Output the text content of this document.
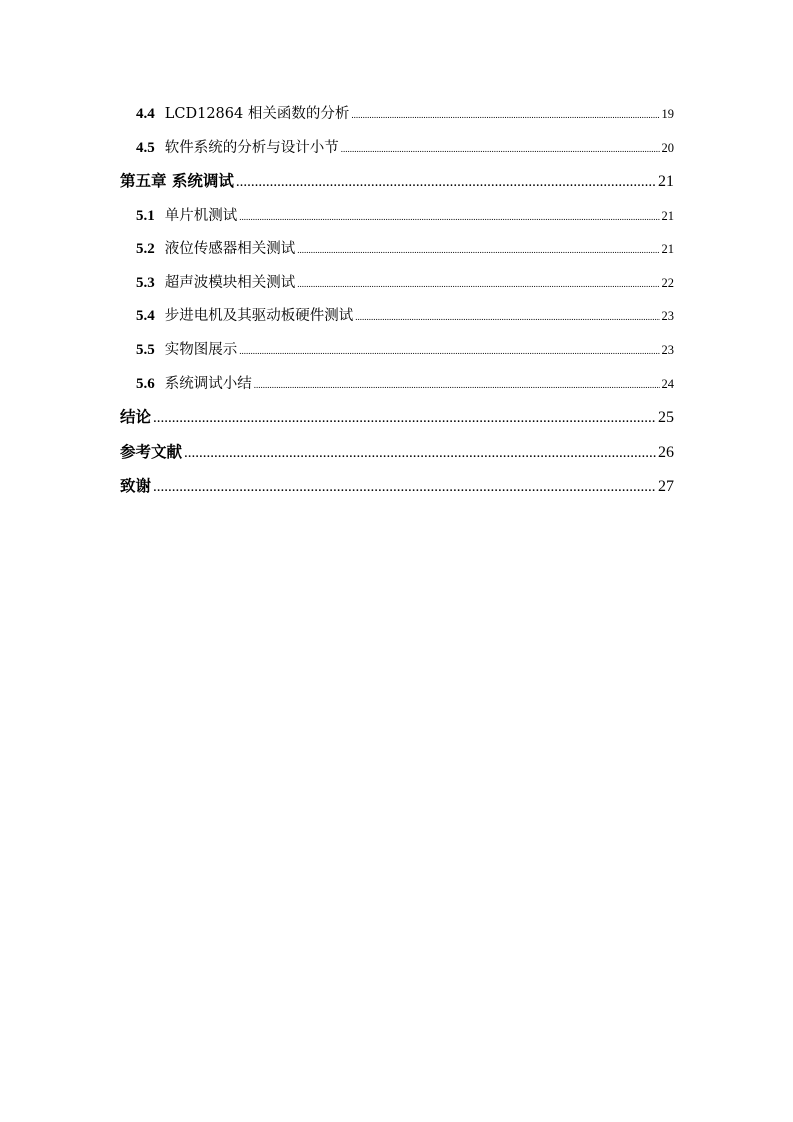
4.4 LCD12864 相关函数的分析 .....	19
4.5 软件系统的分析与设计小节 .....	20
第五章 系统调试 .....	21
5.1 单片机测试 .....	21
5.2 液位传感器相关测试 .....	21
5.3 超声波模块相关测试 .....	22
5.4 步进电机及其驱动板硬件测试 .....	23
5.5 实物图展示 .....	23
5.6 系统调试小结 .....	24
结论 .....	25
参考文献 .....	26
致谢 .....	27
